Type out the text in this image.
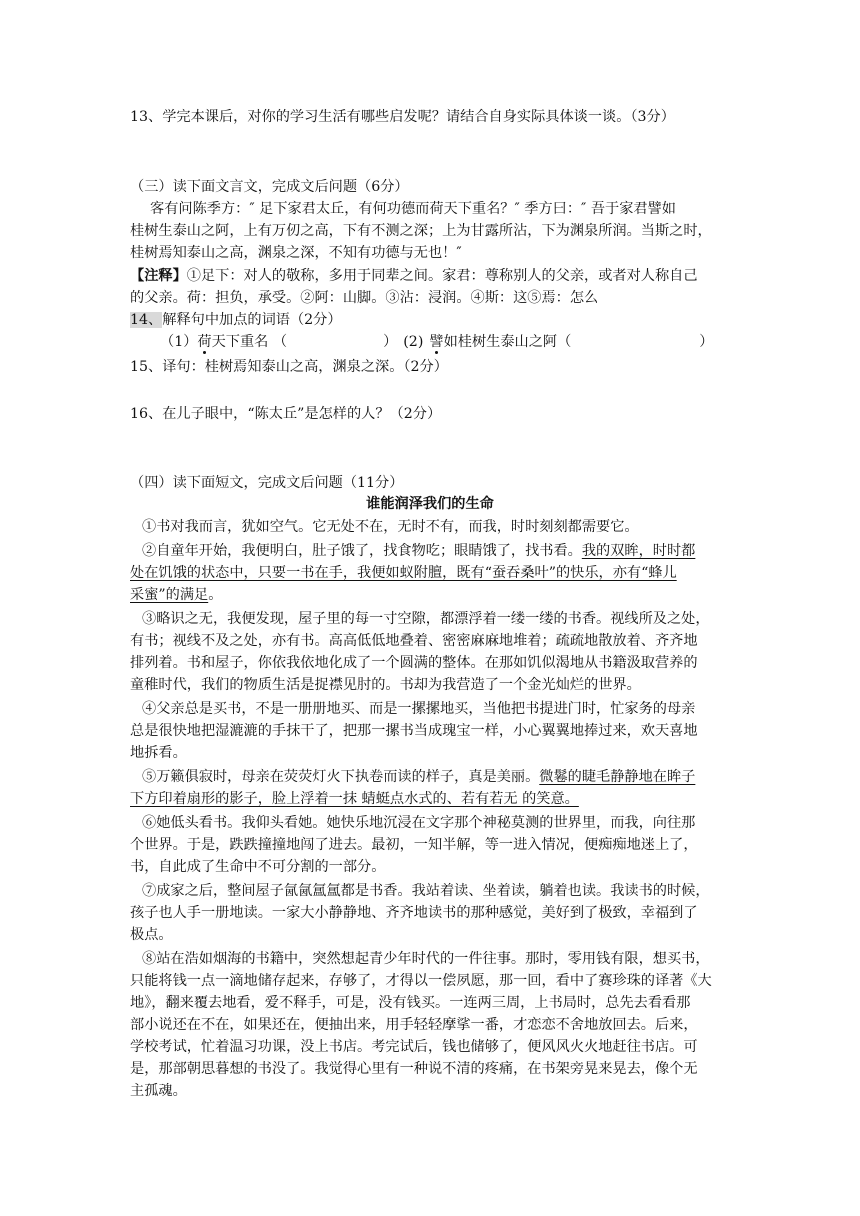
13、学完本课后，对你的学习生活有哪些启发呢？请结合自身实际具体谈一谈。（3分）
（三）读下面文言文，完成文后问题（6分）
客有问陈季方：″ 足下家君太丘，有何功德而荷天下重名？″ 季方曰：″ 吾于家君譬如
桂树生泰山之阿，上有万仞之高，下有不测之深；上为甘露所沾，下为渊泉所润。当斯之时，
桂树焉知泰山之高，渊泉之深，不知有功德与无也！″
【注释】①足下：对人的敬称，多用于同辈之间。家君：尊称别人的父亲，或者对人称自己
的父亲。荷：担负，承受。②阿：山脚。③沾：浸润。④斯：这⑤焉：怎么
14、解释句中加点的词语（2分）
（1）荷天下重名 （	） (2) 譬如桂树生泰山之阿（	）
15、译句：桂树焉知泰山之高，渊泉之深。（2分）
16、在儿子眼中，“陈太丘”是怎样的人？（2分）
（四）读下面短文，完成文后问题（11分）
谁能润泽我们的生命
①书对我而言，犹如空气。它无处不在，无时不有，而我，时时刻刻都需要它。
②自童年开始，我便明白，肚子饿了，找食物吃；眼睛饿了，找书看。我的双眸，时时都
处在饥饿的状态中，只要一书在手，我便如蚁附膻，既有“蚕吞桑叶”的快乐，亦有“蜂儿
采蜜”的满足。
③略识之无，我便发现，屋子里的每一寸空隙，都漂浮着一缕一缕的书香。视线所及之处，
有书；视线不及之处，亦有书。高高低低地叠着、密密麻麻地堆着；疏疏地散放着、齐齐地
排列着。书和屋子，你依我依地化成了一个圆满的整体。在那如饥似渴地从书籍汲取营养的
童稚时代，我们的物质生活是捉襟见肘的。书却为我营造了一个金光灿烂的世界。
④父亲总是买书，不是一册册地买、而是一摞摞地买，当他把书提进门时，忙家务的母亲
总是很快地把湿漉漉的手抹干了，把那一摞书当成瑰宝一样，小心翼翼地捧过来，欢天喜地
地拆看。
⑤万籁俱寂时，母亲在荧荧灯火下执卷而读的样子，真是美丽。微鬈的睫毛静静地在眸子
下方印着扇形的影子，脸上浮着一抹 蜻蜓点水式的、若有若无 的笑意。
⑥她低头看书。我仰头看她。她快乐地沉浸在文字那个神秘莫测的世界里，而我，向往那
个世界。于是，跌跌撞撞地闯了进去。最初，一知半解，等一进入情况，便痴痴地迷上了，
书，自此成了生命中不可分割的一部分。
⑦成家之后，整间屋子氤氤氲氲都是书香。我站着读、坐着读，躺着也读。我读书的时候，
孩子也人手一册地读。一家大小静静地、齐齐地读书的那种感觉，美好到了极致，幸福到了
极点。
⑧站在浩如烟海的书籍中，突然想起青少年时代的一件往事。那时，零用钱有限，想买书，
只能将钱一点一滴地储存起来，存够了，才得以一偿夙愿，那一回，看中了赛珍珠的译著《大
地》，翻来覆去地看，爱不释手，可是，没有钱买。一连两三周，上书局时，总先去看看那
部小说还在不在，如果还在，便抽出来，用手轻轻摩挲一番，才恋恋不舍地放回去。后来，
学校考试，忙着温习功课，没上书店。考完试后，钱也储够了，便风风火火地赶往书店。可
是，那部朝思暮想的书没了。我觉得心里有一种说不清的疼痛，在书架旁晃来晃去，像个无
主孤魂。
